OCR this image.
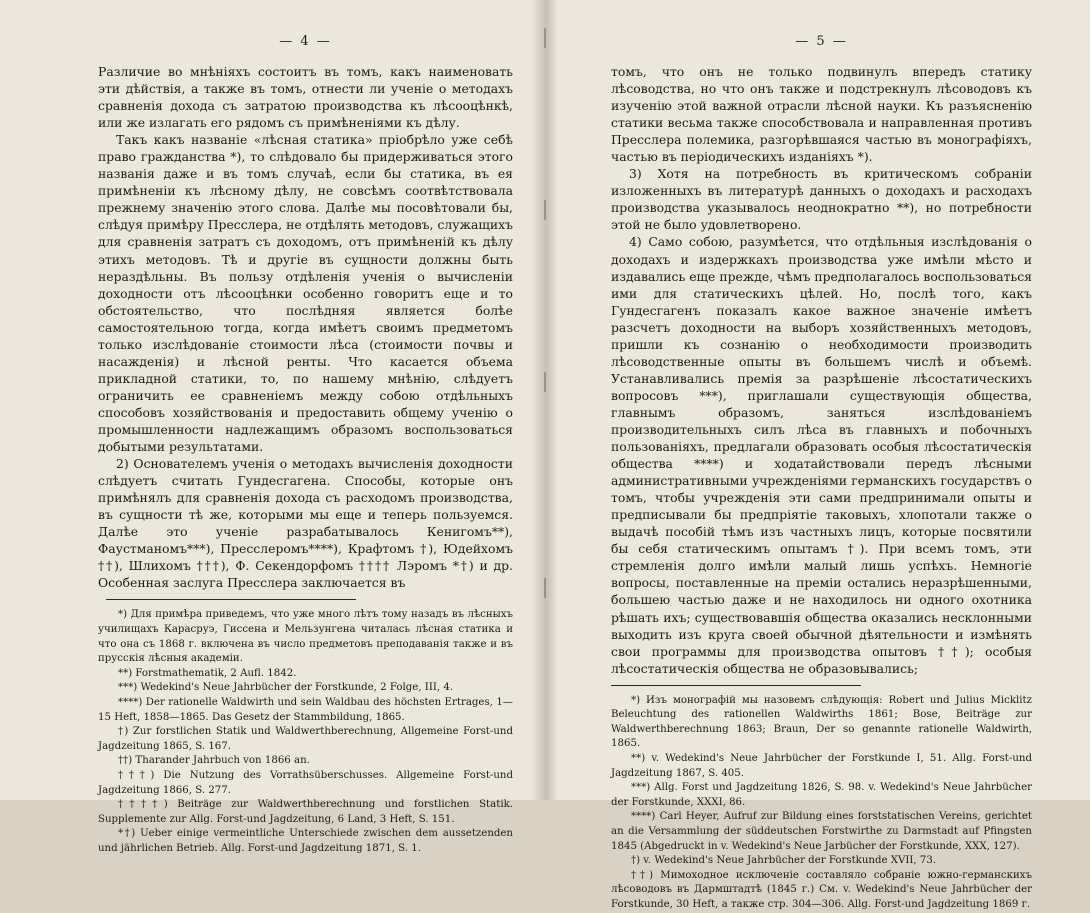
— 4 —

Различие во мнѣніяхъ состоитъ въ томъ, какъ наименовать эти дѣйствія, а также въ томъ, отнести ли ученіе о методахъ сравненія дохода съ затратою производства къ лѣсооцѣнкѣ, или же излагать его рядомъ съ примѣненіями къ дѣлу.

Такъ какъ названіе «лѣсная статика» пріобрѣло уже себѣ право гражданства *), то слѣдовало бы придерживаться этого названія даже и въ томъ случаѣ, если бы статика, въ ея примѣненіи къ лѣсному дѣлу, не совсѣмъ соотвѣтствовала прежнему значенію этого слова. Далѣе мы посовѣтовали бы, слѣдуя примѣру Пресслера, не отдѣлять методовъ, служащихъ для сравненія затратъ съ доходомъ, отъ примѣненій къ дѣлу этихъ методовъ. Тѣ и другіе въ сущности должны быть нераздѣльны. Въ пользу отдѣленія ученія о вычисленіи доходности отъ лѣсооцѣнки особенно говоритъ еще и то обстоятельство, что послѣдняя является болѣе самостоятельною тогда, когда имѣетъ своимъ предметомъ только изслѣдованіе стоимости лѣса (стоимости почвы и насажденія) и лѣсной ренты. Что касается объема прикладной статики, то, по нашему мнѣнію, слѣдуетъ ограничить ее сравненіемъ между собою отдѣльныхъ способовъ хозяйствованія и предоставить общему ученію о промышленности надлежащимъ образомъ воспользоваться добытыми результатами.

2) Основателемъ ученія о методахъ вычисленія доходности слѣдуетъ считать Гундесгагена. Способы, которые онъ примѣнялъ для сравненія дохода съ расходомъ производства, въ сущности тѣ же, которыми мы еще и теперь пользуемся. Далѣе это ученіе разрабатывалось Кенигомъ**), Фаустманомъ***), Пресслеромъ****), Крафтомъ †), Юдейхомъ ††), Шлихомъ †††), Ф. Секендорфомъ †††† Лэромъ *†) и др. Особенная заслуга Пресслера заключается въ

*) Для примѣра приведемъ, что уже много лѣтъ тому назадъ въ лѣсныхъ училищахъ Карасруэ, Гиссена и Мельзунгена читалась лѣсная статика и что она съ 1868 г. включена въ число предметовъ преподаванія также и въ прусскія лѣсныя академіи.

**) Forstmathematik, 2 Aufl. 1842.

***) Wedekind's Neue Jahrbücher der Forstkunde, 2 Folge, III, 4.

****) Der rationelle Waldwirth und sein Waldbau des höchsten Ertrages, 1—15 Heft, 1858—1865. Das Gesetz der Stammbildung, 1865.

†) Zur forstlichen Statik und Waldwerthberechnung, Allgemeine Forst-und Jagdzeitung 1865, S. 167.

††) Tharander Jahrbuch von 1866 an.

†††) Die Nutzung des Vorrathsüberschusses. Allgemeine Forst-und Jagdzeitung 1866, S. 277.

††††) Beiträge zur Waldwerthberechnung und forstlichen Statik. Supplemente zur Allg. Forst-und Jagdzeitung, 6 Land, 3 Heft, S. 151.

*†) Ueber einige vermeintliche Unterschiede zwischen dem aussetzenden und jährlichen Betrieb. Allg. Forst-und Jagdzeitung 1871, S. 1.

— 5 —

томъ, что онъ не только подвинулъ впередъ статику лѣсоводства, но что онъ также и подстрекнулъ лѣсоводовъ къ изученію этой важной отрасли лѣсной науки. Къ разъясненію статики весьма также способствовала и направленная противъ Пресслера полемика, разгорѣвшаяся частью въ монографіяхъ, частью въ періодическихъ изданіяхъ *).

3) Хотя на потребность въ критическомъ собраніи изложенныхъ въ литературѣ данныхъ о доходахъ и расходахъ производства указывалось неоднократно **), но потребности этой не было удовлетворено.

4) Само собою, разумѣется, что отдѣльныя изслѣдованія о доходахъ и издержкахъ производства уже имѣли мѣсто и издавались еще прежде, чѣмъ предполагалось воспользоваться ими для статическихъ цѣлей. Но, послѣ того, какъ Гундесгагенъ показалъ какое важное значеніе имѣетъ разсчетъ доходности на выборъ хозяйственныхъ методовъ, пришли къ сознанію о необходимости производить лѣсоводственные опыты въ большемъ числѣ и объемѣ. Устанавливались премія за разрѣшеніе лѣсостатическихъ вопросовъ ***), приглашали существующія общества, главнымъ образомъ, заняться изслѣдованіемъ производительныхъ силъ лѣса въ главныхъ и побочныхъ пользованіяхъ, предлагали образовать особыя лѣсостатическія общества ****) и ходатайствовали передъ лѣсными административными учрежденіями германскихъ государствъ о томъ, чтобы учрежденія эти сами предпринимали опыты и предписывали бы предпріятіе таковыхъ, хлопотали также о выдачѣ пособій тѣмъ изъ частныхъ лицъ, которые посвятили бы себя статическимъ опытамъ †). При всемъ томъ, эти стремленія долго имѣли малый лишь успѣхъ. Немногіе вопросы, поставленные на преміи остались неразрѣшенными, большею частью даже и не находилось ни одного охотника рѣшать ихъ; существовавшія общества оказались несклонными выходить изъ круга своей обычной дѣятельности и измѣнять свои программы для производства опытовъ ††); особыя лѣсостатическія общества не образовывались;

*) Изъ монографій мы назовемъ слѣдующія: Robert und Julius Micklitz Beleuchtung des rationellen Waldwirths 1861; Bose, Beiträge zur Waldwerthberechnung 1863; Braun, Der so genannte rationelle Waldwirth, 1865.

**) v. Wedekind's Neue Jahrbücher der Forstkunde I, 51. Allg. Forst-und Jagdzeitung 1867, S. 405.

***) Allg. Forst und Jagdzeitung 1826, S. 98. v. Wedekind's Neue Jahrbücher der Forstkunde, XXXI, 86.

****) Carl Heyer, Aufruf zur Bildung eines forststatischen Vereins, gerichtet an die Versammlung der süddeutschen Forstwirthe zu Darmstadt auf Pfingsten 1845 (Abgedruckt in v. Wedekind's Neue Jarbücher der Forstkunde, XXX, 127).

†) v. Wedekind's Neue Jahrbücher der Forstkunde XVII, 73.

††) Мимоходное исключеніе составляло собраніе южно-германскихъ лѣсоводовъ въ Дармштадтѣ (1845 г.) См. v. Wedekind's Neue Jahrbücher der Forstkunde, 30 Heft, а также стр. 304—306. Allg. Forst-und Jagdzeitung 1869 г.
